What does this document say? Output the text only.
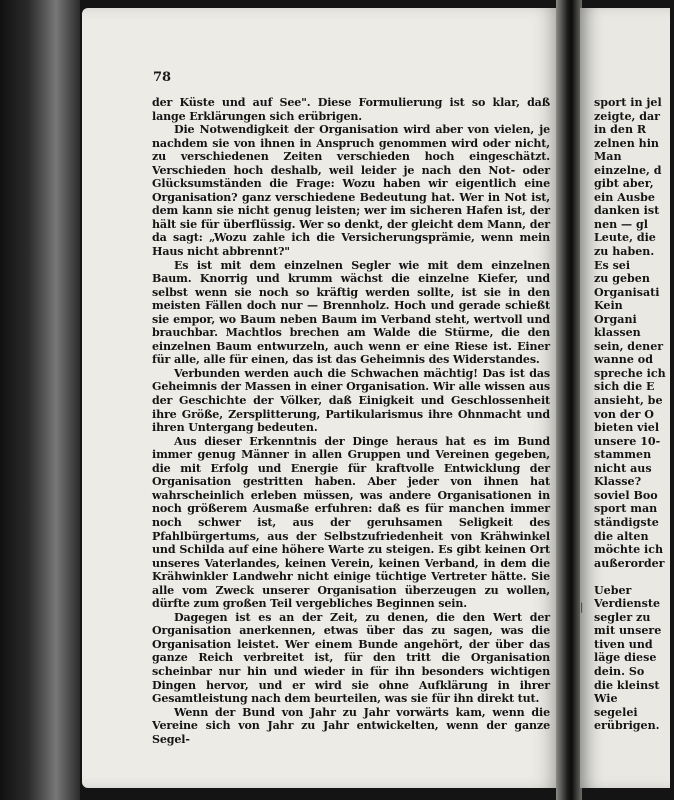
78

der Küste und auf See". Diese Formulierung ist so klar, daß lange Erklärungen sich erübrigen.

Die Notwendigkeit der Organisation wird aber von vielen, je nachdem sie von ihnen in Anspruch genommen wird oder nicht, zu verschiedenen Zeiten verschieden hoch eingeschätzt. Verschieden hoch deshalb, weil leider je nach den Not- oder Glücksumständen die Frage: Wozu haben wir eigentlich eine Organisation? ganz verschiedene Bedeutung hat. Wer in Not ist, dem kann sie nicht genug leisten; wer im sicheren Hafen ist, der hält sie für überflüssig. Wer so denkt, der gleicht dem Mann, der da sagt: „Wozu zahle ich die Versicherungsprämie, wenn mein Haus nicht abbrennt?"

Es ist mit dem einzelnen Segler wie mit dem einzelnen Baum. Knorrig und krumm wächst die einzelne Kiefer, und selbst wenn sie noch so kräftig werden sollte, ist sie in den meisten Fällen doch nur — Brennholz. Hoch und gerade schießt sie empor, wo Baum neben Baum im Verband steht, wertvoll und brauchbar. Machtlos brechen am Walde die Stürme, die den einzelnen Baum entwurzeln, auch wenn er eine Riese ist. Einer für alle, alle für einen, das ist das Geheimnis des Widerstandes.

Verbunden werden auch die Schwachen mächtig! Das ist das Geheimnis der Massen in einer Organisation. Wir alle wissen aus der Geschichte der Völker, daß Einigkeit und Geschlossenheit ihre Größe, Zersplitterung, Partikularismus ihre Ohnmacht und ihren Untergang bedeuten.

Aus dieser Erkenntnis der Dinge heraus hat es im Bund immer genug Männer in allen Gruppen und Vereinen gegeben, die mit Erfolg und Energie für kraftvolle Entwicklung der Organisation gestritten haben. Aber jeder von ihnen hat wahrscheinlich erleben müssen, was andere Organisationen in noch größerem Ausmaße erfuhren: daß es für manchen immer noch schwer ist, aus der geruhsamen Seligkeit des Pfahlbürgertums, aus der Selbstzufriedenheit von Krähwinkel und Schilda auf eine höhere Warte zu steigen. Es gibt keinen Ort unseres Vaterlandes, keinen Verein, keinen Verband, in dem die Krähwinkler Landwehr nicht einige tüchtige Vertreter hätte. Sie alle vom Zweck unserer Organisation überzeugen zu wollen, dürfte zum großen Teil vergebliches Beginnen sein.

Dagegen ist es an der Zeit, zu denen, die den Wert der Organisation anerkennen, etwas über das zu sagen, was die Organisation leistet. Wer einem Bunde angehört, der über das ganze Reich verbreitet ist, für den tritt die Organisation scheinbar nur hin und wieder in für ihn besonders wichtigen Dingen hervor, und er wird sie ohne Aufklärung in ihrer Gesamtleistung nach dem beurteilen, was sie für ihn direkt tut.

Wenn der Bund von Jahr zu Jahr vorwärts kam, wenn die Vereine sich von Jahr zu Jahr entwickelten, wenn der ganze Segel-

sport in jel
zeigte, dar
in den R
zelnen hin
Man
einzelne, d
gibt aber,
ein Ausbe
danken ist
nen — gl
Leute, die
zu haben.
Es sei
zu geben
Organisati
Kein
Organi
klassen
sein, dener
wanne od
spreche ich
sich die E
ansieht, be
von der O
bieten viel
unsere 10-
stammen
nicht aus
Klasse?
soviel Boo
sport man
ständigste
die alten
möchte ich
außerorder
Ueber
Verdienste
segler zu
mit unsere
tiven und
läge diese
dein. So
die kleinst
Wie
segelei
erübrigen.
|
